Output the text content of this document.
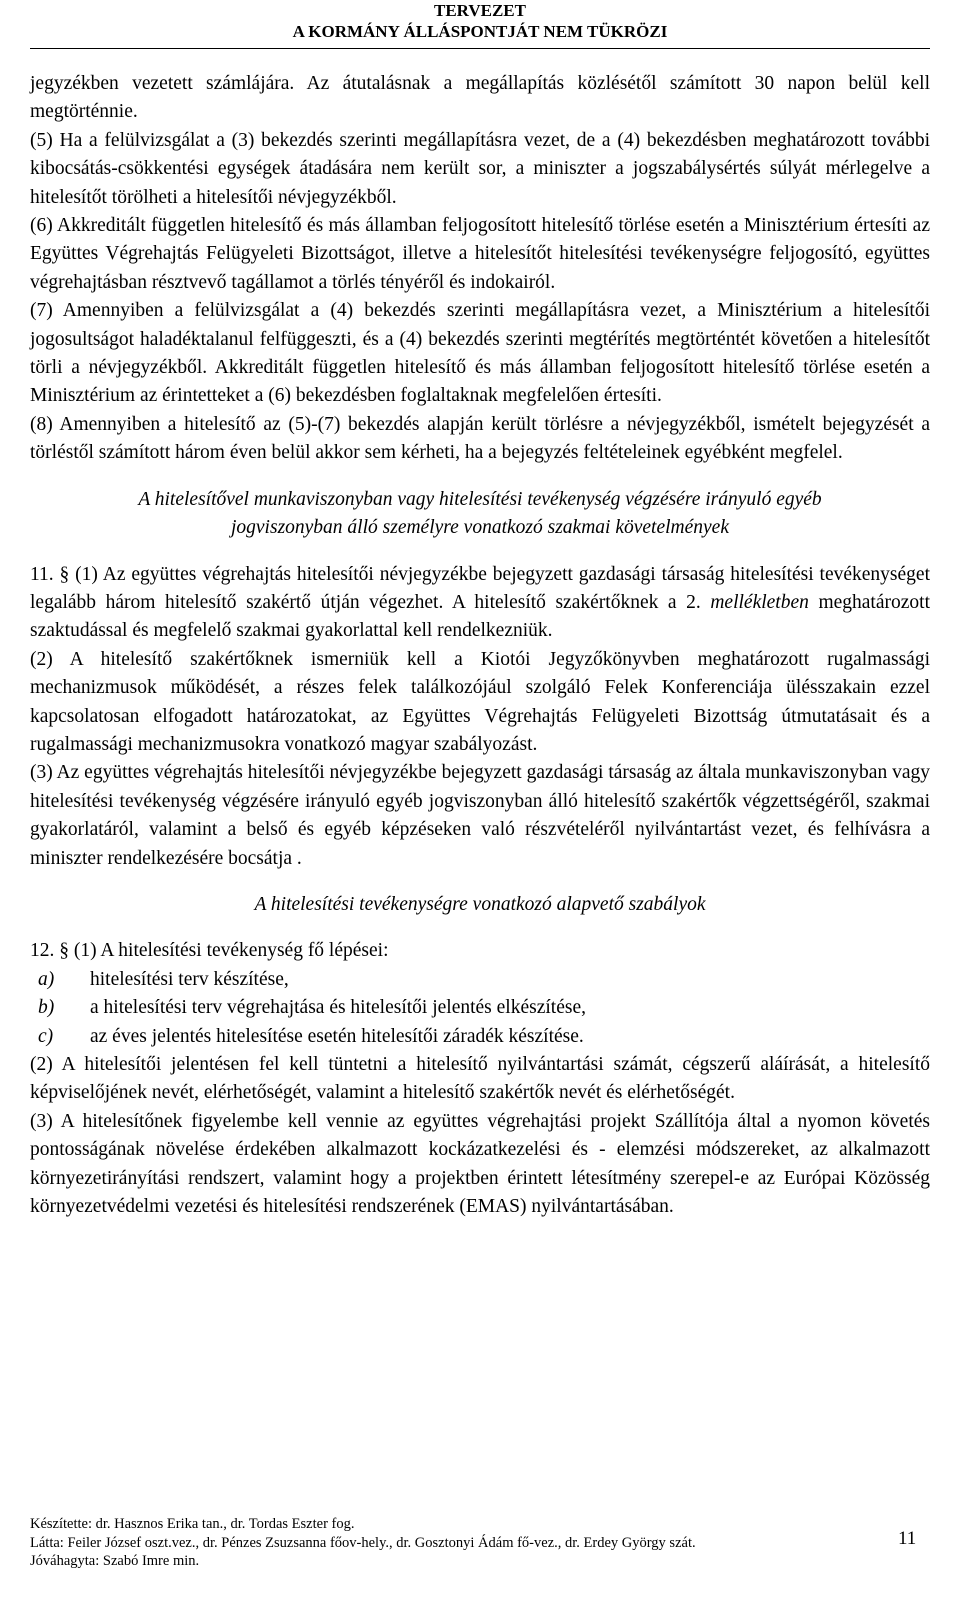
TERVEZET
A KORMÁNY ÁLLÁSPONTJÁT NEM TÜKRÖZI

jegyzékben vezetett számlájára. Az átutalásnak a megállapítás közlésétől számított 30 napon belül kell megtörténnie.

(5) Ha a felülvizsgálat a (3) bekezdés szerinti megállapításra vezet, de a (4) bekezdésben meghatározott további kibocsátás-csökkentési egységek átadására nem került sor, a miniszter a jogszabálysértés súlyát mérlegelve a hitelesítőt törölheti a hitelesítői névjegyzékből.

(6) Akkreditált független hitelesítő és más államban feljogosított hitelesítő törlése esetén a Minisztérium értesíti az Együttes Végrehajtás Felügyeleti Bizottságot, illetve a hitelesítőt hitelesítési tevékenységre feljogosító, együttes végrehajtásban résztvevő tagállamot a törlés tényéről és indokairól.

(7) Amennyiben a felülvizsgálat a (4) bekezdés szerinti megállapításra vezet, a Minisztérium a hitelesítői jogosultságot haladéktalanul felfüggeszti, és a (4) bekezdés szerinti megtérítés megtörténtét követően a hitelesítőt törli a névjegyzékből. Akkreditált független hitelesítő és más államban feljogosított hitelesítő törlése esetén a Minisztérium az érintetteket a (6) bekezdésben foglaltaknak megfelelően értesíti.

(8) Amennyiben a hitelesítő az (5)-(7) bekezdés alapján került törlésre a névjegyzékből, ismételt bejegyzését a törléstől számított három éven belül akkor sem kérheti, ha a bejegyzés feltételeinek egyébként megfelel.

A hitelesítővel munkaviszonyban vagy hitelesítési tevékenység végzésére irányuló egyéb
jogviszonyban álló személyre vonatkozó szakmai követelmények

11. § (1) Az együttes végrehajtás hitelesítői névjegyzékbe bejegyzett gazdasági társaság hitelesítési tevékenységet legalább három hitelesítő szakértő útján végezhet. A hitelesítő szakértőknek a 2. mellékletben meghatározott szaktudással és megfelelő szakmai gyakorlattal kell rendelkezniük.

(2) A hitelesítő szakértőknek ismerniük kell a Kiotói Jegyzőkönyvben meghatározott rugalmassági mechanizmusok működését, a részes felek találkozójául szolgáló Felek Konferenciája ülésszakain ezzel kapcsolatosan elfogadott határozatokat, az Együttes Végrehajtás Felügyeleti Bizottság útmutatásait és a rugalmassági mechanizmusokra vonatkozó magyar szabályozást.

(3) Az együttes végrehajtás hitelesítői névjegyzékbe bejegyzett gazdasági társaság az általa munkaviszonyban vagy hitelesítési tevékenység végzésére irányuló egyéb jogviszonyban álló hitelesítő szakértők végzettségéről, szakmai gyakorlatáról, valamint a belső és egyéb képzéseken való részvételéről nyilvántartást vezet, és felhívásra a miniszter rendelkezésére bocsátja .

A hitelesítési tevékenységre vonatkozó alapvető szabályok

12. § (1) A hitelesítési tevékenység fő lépései:

a) hitelesítési terv készítése,

b) a hitelesítési terv végrehajtása és hitelesítői jelentés elkészítése,

c) az éves jelentés hitelesítése esetén hitelesítői záradék készítése.

(2) A hitelesítői jelentésen fel kell tüntetni a hitelesítő nyilvántartási számát, cégszerű aláírását, a hitelesítő képviselőjének nevét, elérhetőségét, valamint a hitelesítő szakértők nevét és elérhetőségét.

(3) A hitelesítőnek figyelembe kell vennie az együttes végrehajtási projekt Szállítója által a nyomon követés pontosságának növelése érdekében alkalmazott kockázatkezelési és - elemzési módszereket, az alkalmazott környezetirányítási rendszert, valamint hogy a projektben érintett létesítmény szerepel-e az Európai Közösség környezetvédelmi vezetési és hitelesítési rendszerének (EMAS) nyilvántartásában.

Készítette: dr. Hasznos Erika tan., dr. Tordas Eszter fog.
Látta: Feiler József oszt.vez., dr. Pénzes Zsuzsanna főov-hely., dr. Gosztonyi Ádám fő-vez., dr. Erdey György szát.
Jóváhagyta: Szabó Imre min.
11
